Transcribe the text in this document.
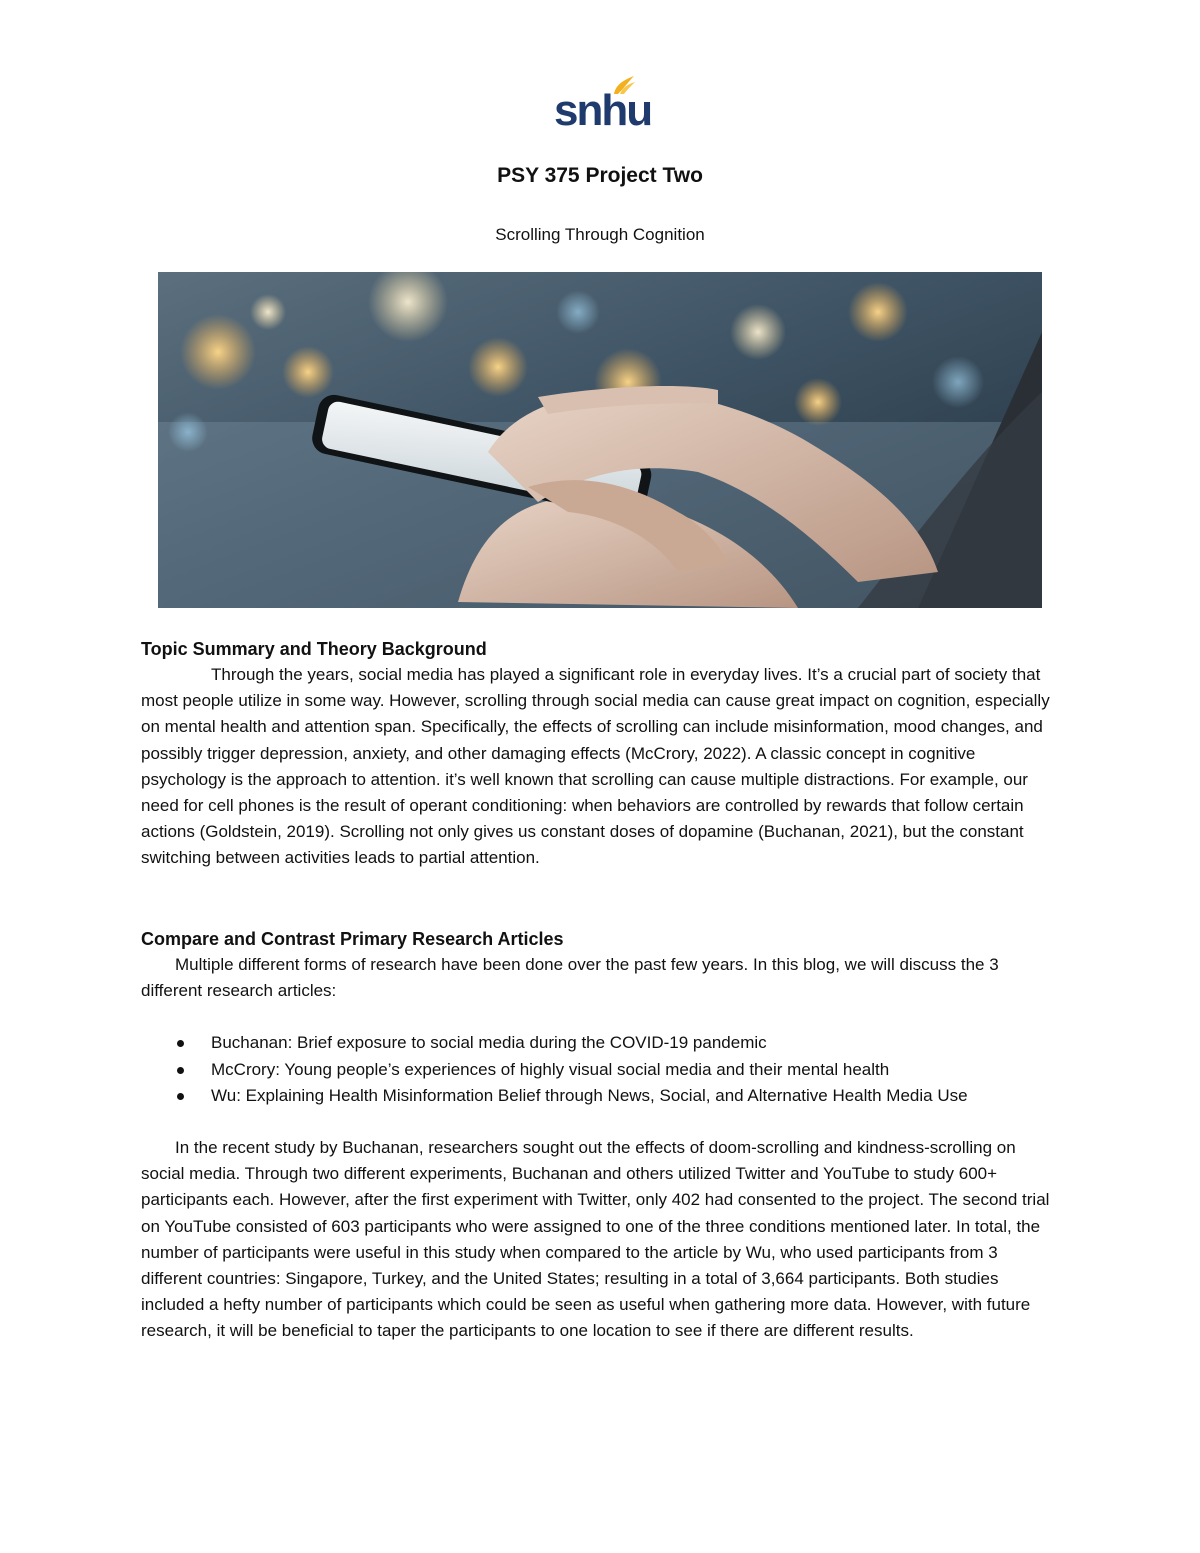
snhu
PSY 375 Project Two
Scrolling Through Cognition
Topic Summary and Theory Background

Through the years, social media has played a significant role in everyday lives. It’s a crucial part of society that most people utilize in some way. However, scrolling through social media can cause great impact on cognition, especially on mental health and attention span. Specifically, the effects of scrolling can include misinformation, mood changes, and possibly trigger depression, anxiety, and other damaging effects (McCrory, 2022). A classic concept in cognitive psychology is the approach to attention. it’s well known that scrolling can cause multiple distractions. For example, our need for cell phones is the result of operant conditioning: when behaviors are controlled by rewards that follow certain actions (Goldstein, 2019). Scrolling not only gives us constant doses of dopamine (Buchanan, 2021), but the constant switching between activities leads to partial attention.

Compare and Contrast Primary Research Articles

Multiple different forms of research have been done over the past few years. In this blog, we will discuss the 3 different research articles:

Buchanan: Brief exposure to social media during the COVID-19 pandemic
McCrory: Young people’s experiences of highly visual social media and their mental health
Wu: Explaining Health Misinformation Belief through News, Social, and Alternative Health Media Use

In the recent study by Buchanan, researchers sought out the effects of doom-scrolling and kindness-scrolling on social media. Through two different experiments, Buchanan and others utilized Twitter and YouTube to study 600+ participants each. However, after the first experiment with Twitter, only 402 had consented to the project. The second trial on YouTube consisted of 603 participants who were assigned to one of the three conditions mentioned later. In total, the number of participants were useful in this study when compared to the article by Wu, who used participants from 3 different countries: Singapore, Turkey, and the United States; resulting in a total of 3,664 participants. Both studies included a hefty number of participants which could be seen as useful when gathering more data. However, with future research, it will be beneficial to taper the participants to one location to see if there are different results.
